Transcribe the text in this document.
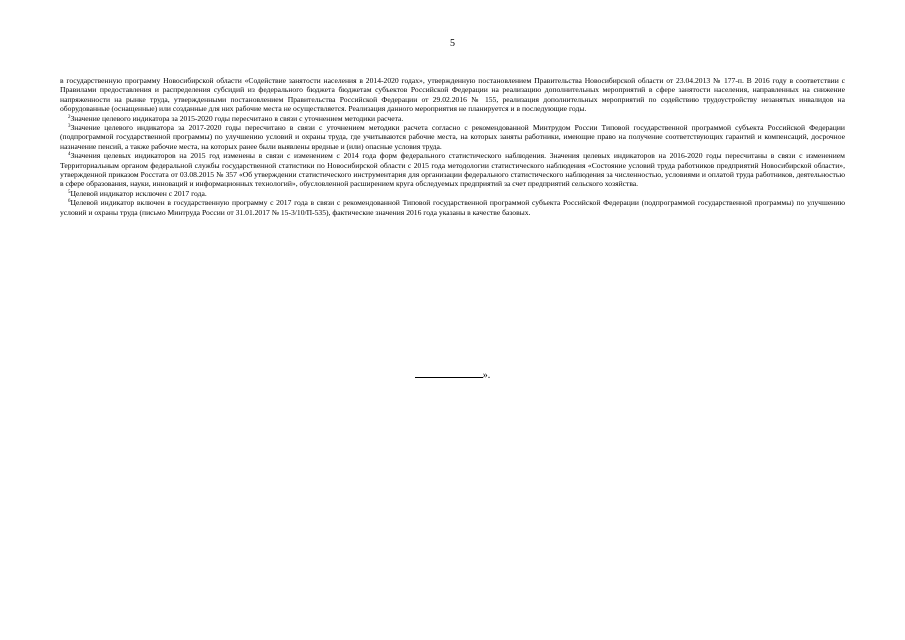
5

в государственную программу Новосибирской области «Содействие занятости населения в 2014-2020 годах», утвержденную постановлением Правительства Новосибирской области от 23.04.2013 № 177-п. В 2016 году в соответствии с Правилами предоставления и распределения субсидий из федерального бюджета бюджетам субъектов Российской Федерации на реализацию дополнительных мероприятий в сфере занятости населения, направленных на снижение напряженности на рынке труда, утвержденными постановлением Правительства Российской Федерации от 29.02.2016 № 155, реализация дополнительных мероприятий по содействию трудоустройству незанятых инвалидов на оборудованные (оснащенные) или созданные для них рабочие места не осуществляется. Реализация данного мероприятия не планируется и в последующие годы.

$^2$Значение целевого индикатора за 2015-2020 годы пересчитано в связи с уточнением методики расчета.

$^3$Значение целевого индикатора за 2017-2020 годы пересчитано в связи с уточнением методики расчета согласно с рекомендованной Минтрудом России Типовой государственной программой субъекта Российской Федерации (подпрограммой государственной программы) по улучшению условий и охраны труда, где учитываются рабочие места, на которых заняты работники, имеющие право на получение соответствующих гарантий и компенсаций, досрочное назначение пенсий, а также рабочие места, на которых ранее были выявлены вредные и (или) опасные условия труда.

$^4$Значения целевых индикаторов на 2015 год изменены в связи с изменением с 2014 года форм федерального статистического наблюдения. Значения целевых индикаторов на 2016-2020 годы пересчитаны в связи с изменением Территориальным органом федеральной службы государственной статистики по Новосибирской области с 2015 года методологии статистического наблюдения «Состояние условий труда работников предприятий Новосибирской области», утвержденной приказом Росстата от 03.08.2015 № 357 «Об утверждении статистического инструментария для организации федерального статистического наблюдения за численностью, условиями и оплатой труда работников, деятельностью в сфере образования, науки, инноваций и информационных технологий», обусловленной расширением круга обследуемых предприятий за счет предприятий сельского хозяйства.

$^5$Целевой индикатор исключен с 2017 года.

$^6$Целевой индикатор включен в государственную программу с 2017 года в связи с рекомендованной Типовой государственной программой субъекта Российской Федерации (подпрограммой государственной программы) по улучшению условий и охраны труда (письмо Минтруда России от 31.01.2017 № 15-3/10/П-535), фактические значения 2016 года указаны в качестве базовых.

».
